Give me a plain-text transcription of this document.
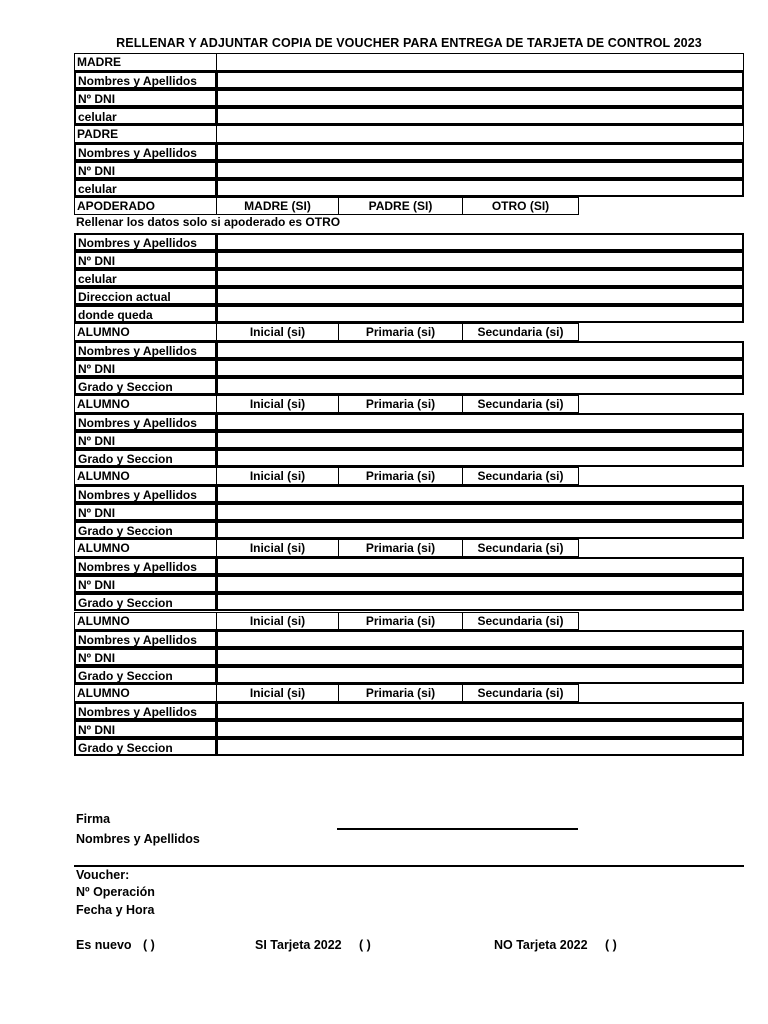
RELLENAR Y ADJUNTAR COPIA DE VOUCHER PARA ENTREGA DE TARJETA DE CONTROL 2023
MADRE
Nombres y Apellidos
Nº DNI
celular
PADRE
Nombres y Apellidos
Nº DNI
celular
APODERADO	MADRE (SI)	PADRE (SI)	OTRO (SI)
Rellenar los datos solo si apoderado es OTRO
Nombres y Apellidos
Nº DNI
celular
Direccion actual
donde queda
ALUMNO	Inicial (si)	Primaria (si)	Secundaria (si)
Nombres y Apellidos
Nº DNI
Grado y Seccion
ALUMNO	Inicial (si)	Primaria (si)	Secundaria (si)
Nombres y Apellidos
Nº DNI
Grado y Seccion
ALUMNO	Inicial (si)	Primaria (si)	Secundaria (si)
Nombres y Apellidos
Nº DNI
Grado y Seccion
ALUMNO	Inicial (si)	Primaria (si)	Secundaria (si)
Nombres y Apellidos
Nº DNI
Grado y Seccion
ALUMNO	Inicial (si)	Primaria (si)	Secundaria (si)
Nombres y Apellidos
Nº DNI
Grado y Seccion
ALUMNO	Inicial (si)	Primaria (si)	Secundaria (si)
Nombres y Apellidos
Nº DNI
Grado y Seccion
Firma
Nombres y Apellidos
Voucher:
Nº Operación
Fecha y Hora
Es nuevo ( )	SI Tarjeta 2022 ( )	NO Tarjeta 2022 ( )
